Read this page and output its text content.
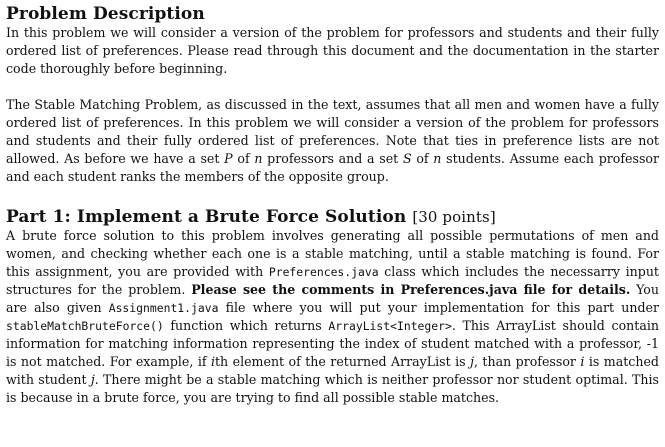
Problem Description

In this problem we will consider a version of the problem for professors and students and their fully ordered list of preferences. Please read through this document and the documentation in the starter code thoroughly before beginning.

The Stable Matching Problem, as discussed in the text, assumes that all men and women have a fully ordered list of preferences. In this problem we will consider a version of the problem for professors and students and their fully ordered list of preferences. Note that ties in preference lists are not allowed. As before we have a set P of n professors and a set S of n students. Assume each professor and each student ranks the members of the opposite group.

Part 1: Implement a Brute Force Solution [30 points]

A brute force solution to this problem involves generating all possible permutations of men and women, and checking whether each one is a stable matching, until a stable matching is found. For this assignment, you are provided with Preferences.java class which includes the necessarry input structures for the problem. Please see the comments in Preferences.java file for details. You are also given Assignment1.java file where you will put your implementation for this part under stableMatchBruteForce() function which returns ArrayList<Integer>. This ArrayList should contain information for matching information representing the index of student matched with a professor, -1 is not matched. For example, if ith element of the returned ArrayList is j, than professor i is matched with student j. There might be a stable matching which is neither professor nor student optimal. This is because in a brute force, you are trying to find all possible stable matches.
